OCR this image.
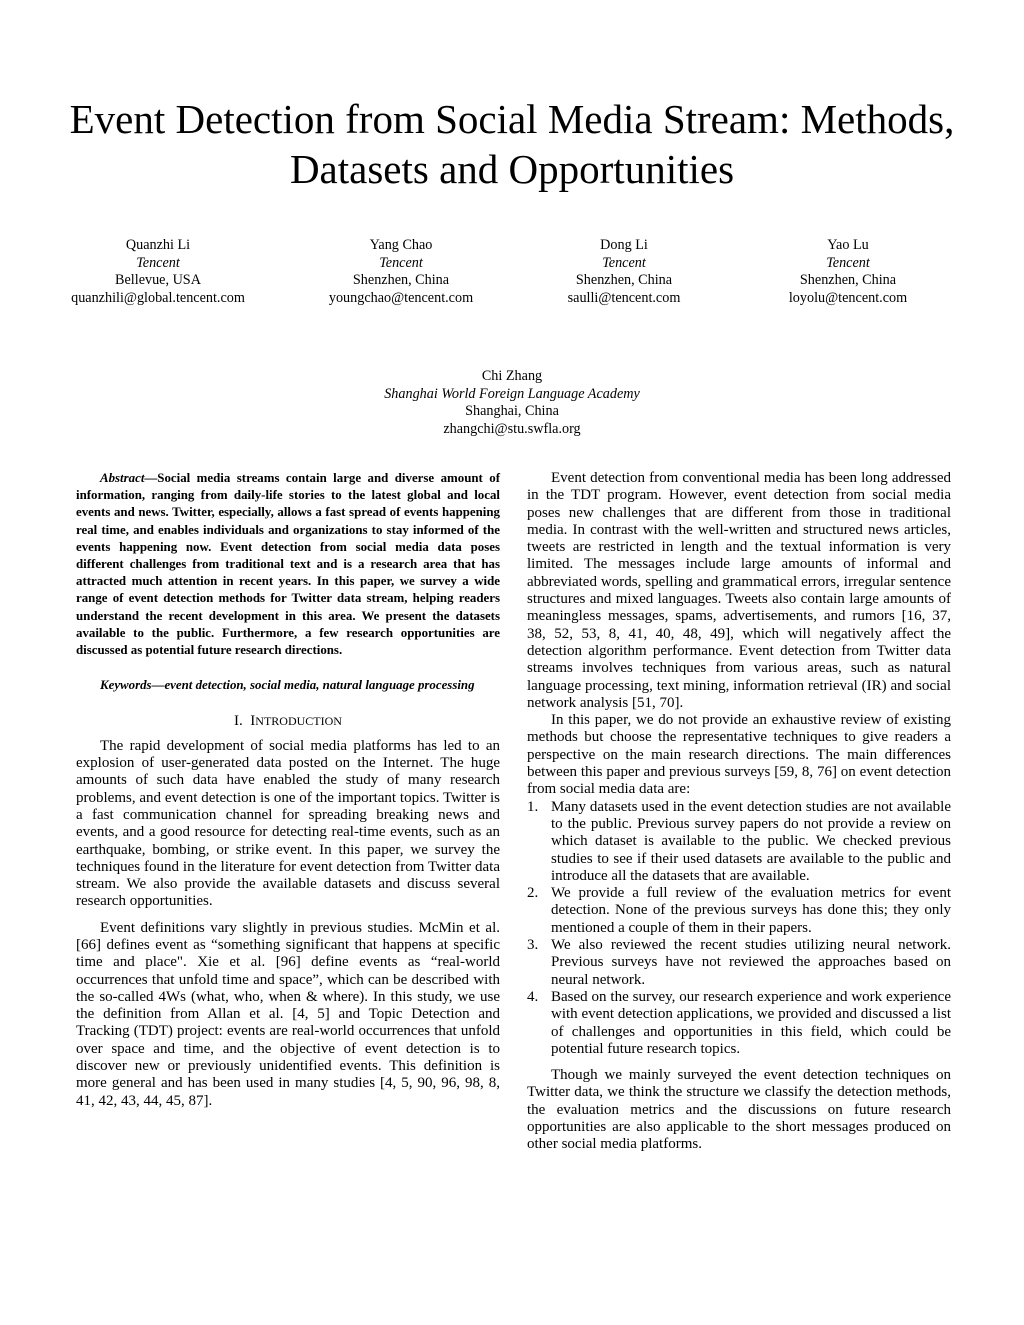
Event Detection from Social Media Stream: Methods,
Datasets and Opportunities
Quanzhi Li
Tencent
Bellevue, USA
quanzhili@global.tencent.com
Yang Chao
Tencent
Shenzhen, China
youngchao@tencent.com
Dong Li
Tencent
Shenzhen, China
saulli@tencent.com
Yao Lu
Tencent
Shenzhen, China
loyolu@tencent.com
Chi Zhang
Shanghai World Foreign Language Academy
Shanghai, China
zhangchi@stu.swfla.org

Abstract—Social media streams contain large and diverse amount of information, ranging from daily-life stories to the latest global and local events and news. Twitter, especially, allows a fast spread of events happening real time, and enables individuals and organizations to stay informed of the events happening now. Event detection from social media data poses different challenges from traditional text and is a research area that has attracted much attention in recent years. In this paper, we survey a wide range of event detection methods for Twitter data stream, helping readers understand the recent development in this area. We present the datasets available to the public. Furthermore, a few research opportunities are discussed as potential future research directions.

Keywords—event detection, social media, natural language processing

I. INTRODUCTION

The rapid development of social media platforms has led to an explosion of user-generated data posted on the Internet. The huge amounts of such data have enabled the study of many research problems, and event detection is one of the important topics. Twitter is a fast communication channel for spreading breaking news and events, and a good resource for detecting real-time events, such as an earthquake, bombing, or strike event. In this paper, we survey the techniques found in the literature for event detection from Twitter data stream. We also provide the available datasets and discuss several research opportunities.

Event definitions vary slightly in previous studies. McMin et al. [66] defines event as “something significant that happens at specific time and place". Xie et al. [96] define events as “real-world occurrences that unfold time and space”, which can be described with the so-called 4Ws (what, who, when & where). In this study, we use the definition from Allan et al. [4, 5] and Topic Detection and Tracking (TDT) project: events are real-world occurrences that unfold over space and time, and the objective of event detection is to discover new or previously unidentified events. This definition is more general and has been used in many studies [4, 5, 90, 96, 98, 8, 41, 42, 43, 44, 45, 87].

Event detection from conventional media has been long addressed in the TDT program. However, event detection from social media poses new challenges that are different from those in traditional media. In contrast with the well-written and structured news articles, tweets are restricted in length and the textual information is very limited. The messages include large amounts of informal and abbreviated words, spelling and grammatical errors, irregular sentence structures and mixed languages. Tweets also contain large amounts of meaningless messages, spams, advertisements, and rumors [16, 37, 38, 52, 53, 8, 41, 40, 48, 49], which will negatively affect the detection algorithm performance. Event detection from Twitter data streams involves techniques from various areas, such as natural language processing, text mining, information retrieval (IR) and social network analysis [51, 70].

In this paper, we do not provide an exhaustive review of existing methods but choose the representative techniques to give readers a perspective on the main research directions. The main differences between this paper and previous surveys [59, 8, 76] on event detection from social media data are:

1. Many datasets used in the event detection studies are not available to the public. Previous survey papers do not provide a review on which dataset is available to the public. We checked previous studies to see if their used datasets are available to the public and introduce all the datasets that are available.
2. We provide a full review of the evaluation metrics for event detection. None of the previous surveys has done this; they only mentioned a couple of them in their papers.
3. We also reviewed the recent studies utilizing neural network. Previous surveys have not reviewed the approaches based on neural network.
4. Based on the survey, our research experience and work experience with event detection applications, we provided and discussed a list of challenges and opportunities in this field, which could be potential future research topics.

Though we mainly surveyed the event detection techniques on Twitter data, we think the structure we classify the detection methods, the evaluation metrics and the discussions on future research opportunities are also applicable to the short messages produced on other social media platforms.
